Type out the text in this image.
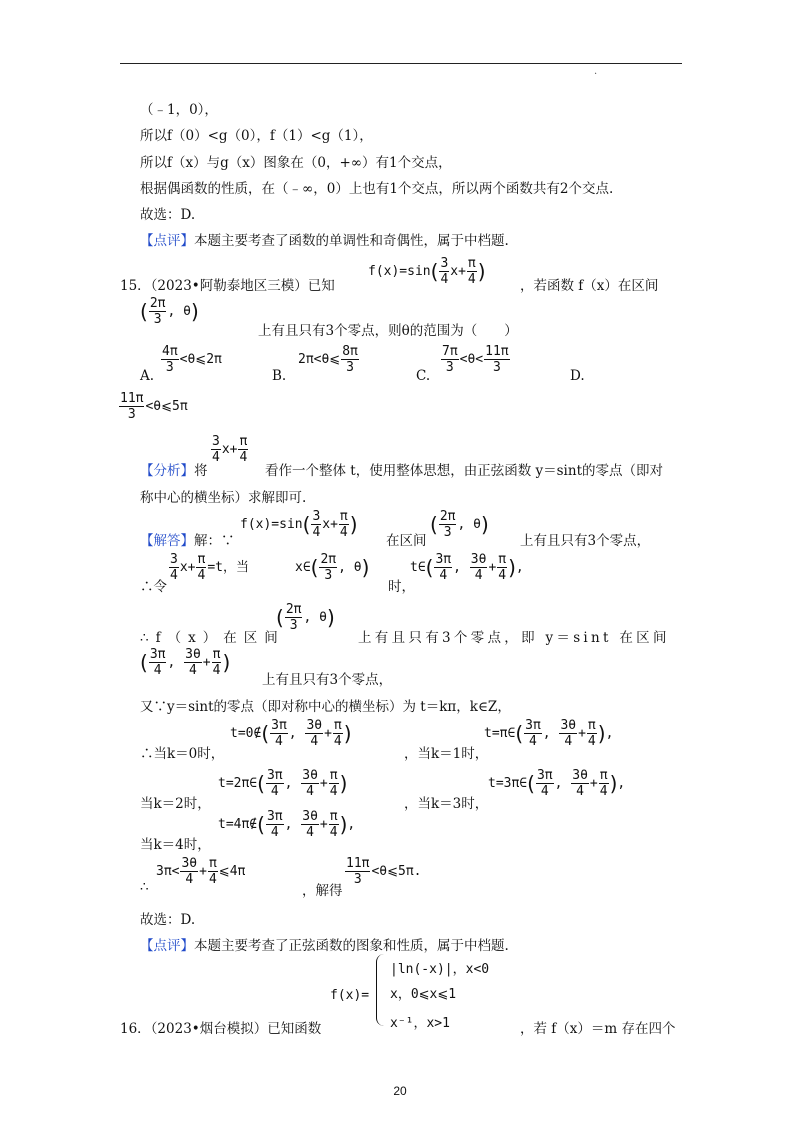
.
（﹣1，0），
所以f（0）<g（0），f（1）<g（1），
所以f（x）与g（x）图象在（0，+∞）有1个交点，
根据偶函数的性质，在（﹣∞，0）上也有1个交点，所以两个函数共有2个交点.
故选：D.
【点评】本题主要考查了函数的单调性和奇偶性，属于中档题.
15．（2023•阿勒泰地区三模）已知
$f(x)=\sin( \frac{3}{4} x+ \frac{\pi}{4}$ )
，若函数 f（x）在区间
( $\frac{2\pi}{3}$ , θ)
上有且只有3个零点，则θ的范围为（　　）
A.
$\frac{4\pi}{3}$ <θ⩽2π
B.
2π<θ⩽ $\frac{8\pi}{3}$
C.
$\frac{7\pi}{3} <\theta< \frac{11\pi}{3}$
D.
$\frac{11\pi}{3}$ <θ⩽5π
$\frac{3}{4} x+ \frac{\pi}{4}$
【分析】将	看作一个整体 t，使用整体思想，由正弦函数 y＝sint的零点（即对
称中心的横坐标）求解即可.
【解答】解：∵
$f(x)=\sin( \frac{3}{4} x+ \frac{\pi}{4}$ )
在区间
( $\frac{2\pi}{3}$ , θ)
上有且只有3个零点，
∴令
$\frac{3}{4} x+ \frac{\pi}{4} =t$，当	x∈( $\frac{2\pi}{3}$ , θ)
时，
t∈( $\frac{3\pi}{4}$ , $\frac{3\theta}{4} + \frac{\pi}{4}$ ),
∴f（x）在区间
( $\frac{2\pi}{3}$ , θ)
上有且只有3个零点，即 y＝sint 在区间
( $\frac{3\pi}{4}$ , $\frac{3\theta}{4} + \frac{\pi}{4}$ )
上有且只有3个零点，
又∵y＝sint的零点（即对称中心的横坐标）为 t＝kπ，k∈Z，
∴当k＝0时，
t=0∉( $\frac{3\pi}{4}$ , $\frac{3\theta}{4} + \frac{\pi}{4}$ )
，当k＝1时，
t=π∈( $\frac{3\pi}{4}$ , $\frac{3\theta}{4} + \frac{\pi}{4}$ ),
当k＝2时，
t=2π∈( $\frac{3\pi}{4}$ , $\frac{3\theta}{4} + \frac{\pi}{4}$ )
，当k＝3时，
t=3π∈( $\frac{3\pi}{4}$ , $\frac{3\theta}{4} + \frac{\pi}{4}$ ),
当k＝4时，
t=4π∉( $\frac{3\pi}{4}$ , $\frac{3\theta}{4} + \frac{\pi}{4}$ ),
∴
$3\pi< \frac{3\theta}{4} + \frac{\pi}{4}$ ⩽4π
，解得
$\frac{11\pi}{3}$ <θ⩽5π.
故选：D.
【点评】本题主要考查了正弦函数的图象和性质，属于中档题.
f(x)=
|ln(-x)|，x<0
x，0⩽x⩽1
x⁻¹，x>1
16．（2023•烟台模拟）已知函数	，若 f（x）＝m 存在四个
20
